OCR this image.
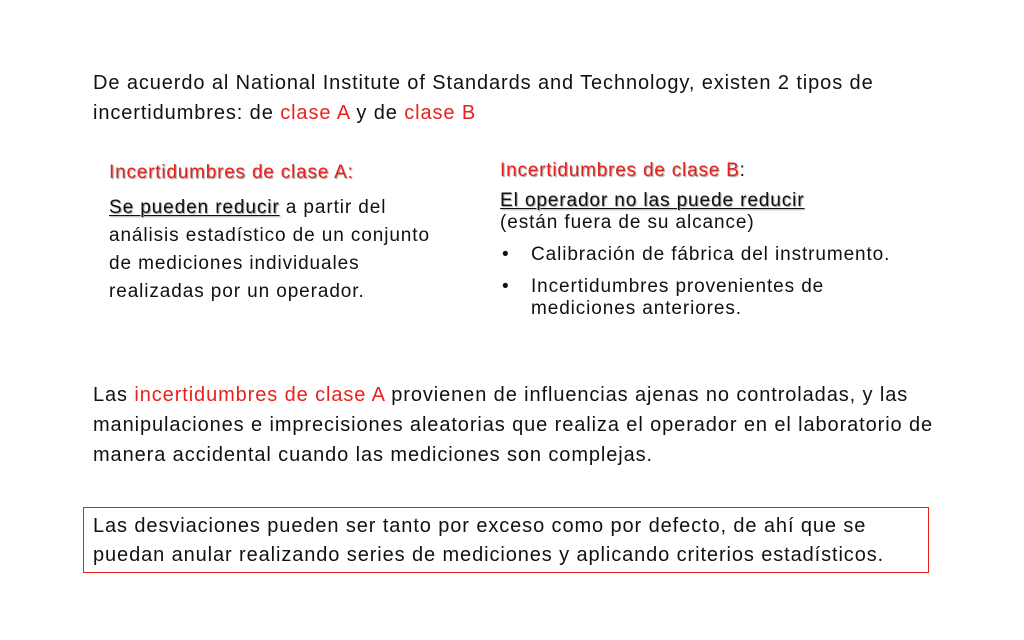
De acuerdo al National Institute of Standards and Technology, existen 2 tipos de incertidumbres: de clase A y de clase B
Incertidumbres de clase A:
Se pueden reducir a partir del análisis estadístico de un conjunto de mediciones individuales realizadas por un operador.
Incertidumbres de clase B:
El operador no las puede reducir
(están fuera de su alcance)
• Calibración de fábrica del instrumento.
• Incertidumbres provenientes de mediciones anteriores.
Las incertidumbres de clase A provienen de influencias ajenas no controladas, y las manipulaciones e imprecisiones aleatorias que realiza el operador en el laboratorio de manera accidental cuando las mediciones son complejas.
Las desviaciones pueden ser tanto por exceso como por defecto, de ahí que se puedan anular realizando series de mediciones y aplicando criterios estadísticos.
